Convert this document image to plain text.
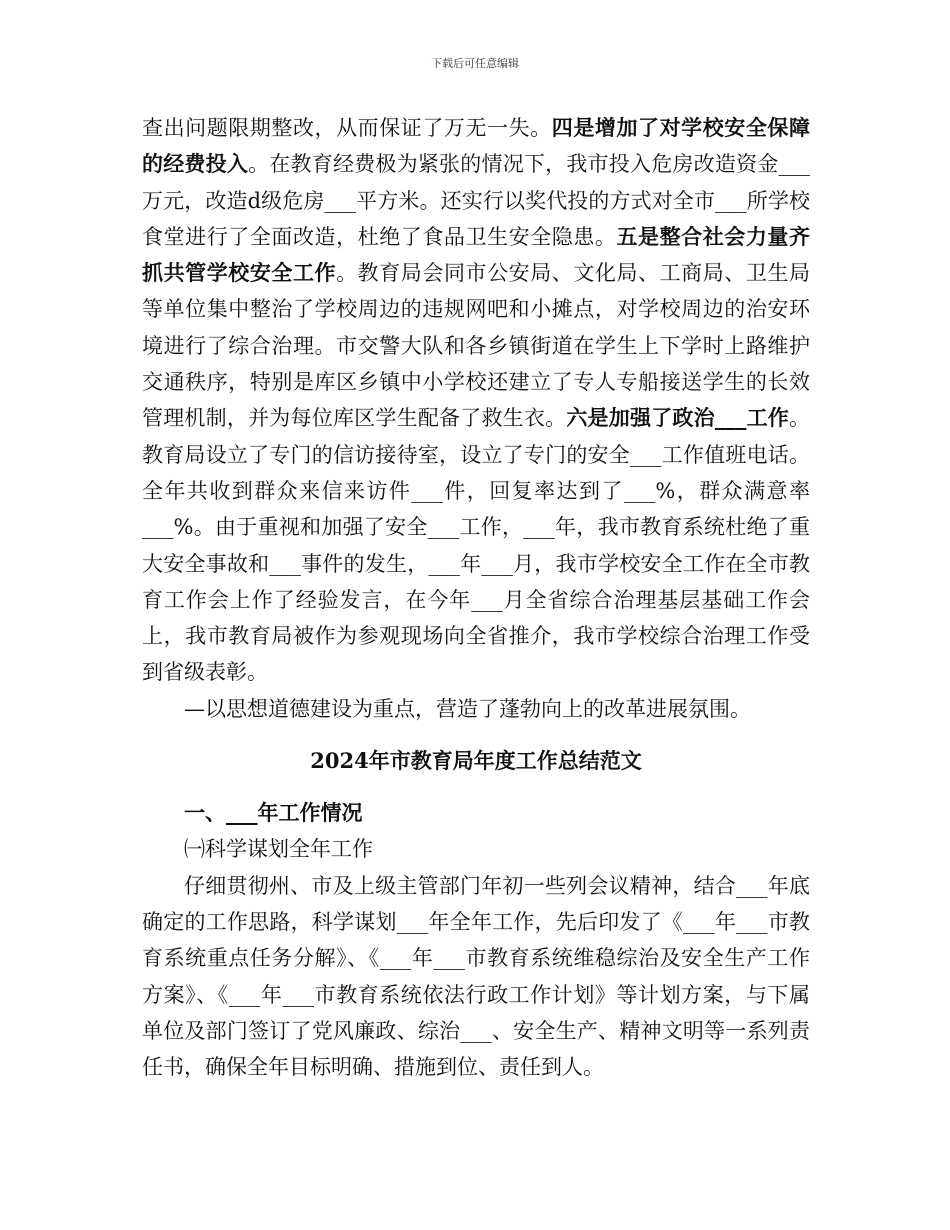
下载后可任意编辑

查出问题限期整改，从而保证了万无一失。四是增加了对学校安全保障的经费投入。在教育经费极为紧张的情况下，我市投入危房改造资金___万元，改造d级危房___平方米。还实行以奖代投的方式对全市___所学校食堂进行了全面改造，杜绝了食品卫生安全隐患。五是整合社会力量齐抓共管学校安全工作。教育局会同市公安局、文化局、工商局、卫生局等单位集中整治了学校周边的违规网吧和小摊点，对学校周边的治安环境进行了综合治理。市交警大队和各乡镇街道在学生上下学时上路维护交通秩序，特别是库区乡镇中小学校还建立了专人专船接送学生的长效管理机制，并为每位库区学生配备了救生衣。六是加强了政治___工作。教育局设立了专门的信访接待室，设立了专门的安全___工作值班电话。全年共收到群众来信来访件___件，回复率达到了___%，群众满意率___%。由于重视和加强了安全___工作，___年，我市教育系统杜绝了重大安全事故和___事件的发生，___年___月，我市学校安全工作在全市教育工作会上作了经验发言，在今年___月全省综合治理基层基础工作会上，我市教育局被作为参观现场向全省推介，我市学校综合治理工作受到省级表彰。

—以思想道德建设为重点，营造了蓬勃向上的改革进展氛围。

2024年市教育局年度工作总结范文

一、___年工作情况

㈠科学谋划全年工作

仔细贯彻州、市及上级主管部门年初一些列会议精神，结合___年底确定的工作思路，科学谋划___年全年工作，先后印发了《___年___市教育系统重点任务分解》、《___年___市教育系统维稳综治及安全生产工作方案》、《___年___市教育系统依法行政工作计划》等计划方案，与下属单位及部门签订了党风廉政、综治___、安全生产、精神文明等一系列责任书，确保全年目标明确、措施到位、责任到人。
